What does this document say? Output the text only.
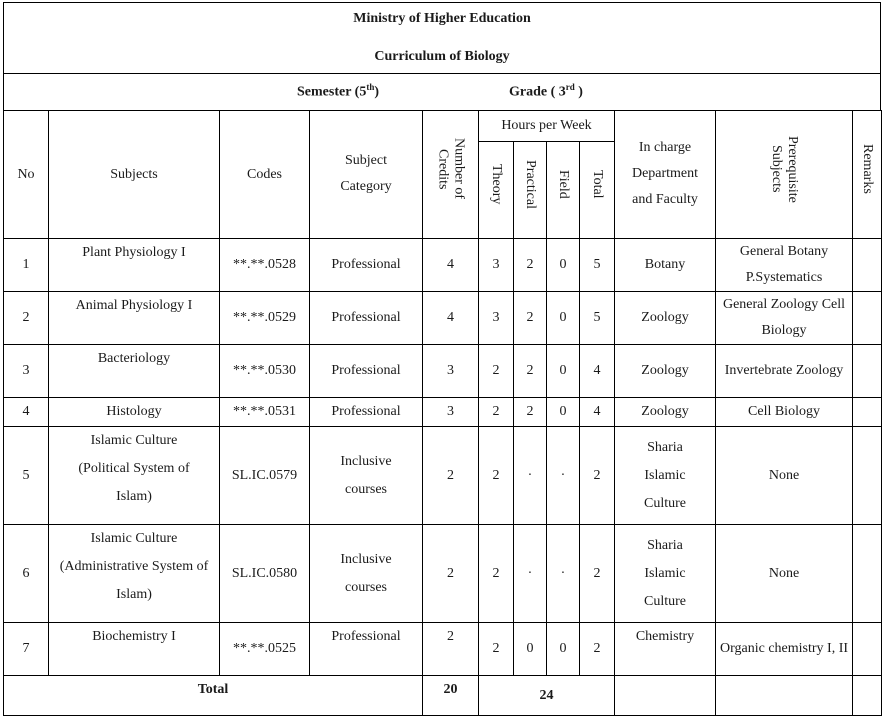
Ministry of Higher Education
Curriculum of Biology
Semester (5th)	Grade ( 3rd )
No	Subjects	Codes	Subject Category	Number of Credits	Hours per Week				In charge Department and Faculty	Prerequisite Subjects	Remarks
					Theory	Practical	Field	Total			
1	Plant Physiology I	**.**.0528	Professional	4	3	2	0	5	Botany	General Botany P.Systematics	
2	Animal Physiology I	**.**.0529	Professional	4	3	2	0	5	Zoology	General Zoology Cell Biology	
3	Bacteriology	**.**.0530	Professional	3	2	2	0	4	Zoology	Invertebrate Zoology	
4	Histology	**.**.0531	Professional	3	2	2	0	4	Zoology	Cell Biology	
5	Islamic Culture (Political System of Islam)	SL.IC.0579	Inclusive courses	2	2	·	·	2	Sharia Islamic Culture	None	
6	Islamic Culture (Administrative System of Islam)	SL.IC.0580	Inclusive courses	2	2	·	·	2	Sharia Islamic Culture	None	
7	Biochemistry I	**.**.0525	Professional	2	2	0	0	2	Chemistry	Organic chemistry I, II	
Total				20	24						
